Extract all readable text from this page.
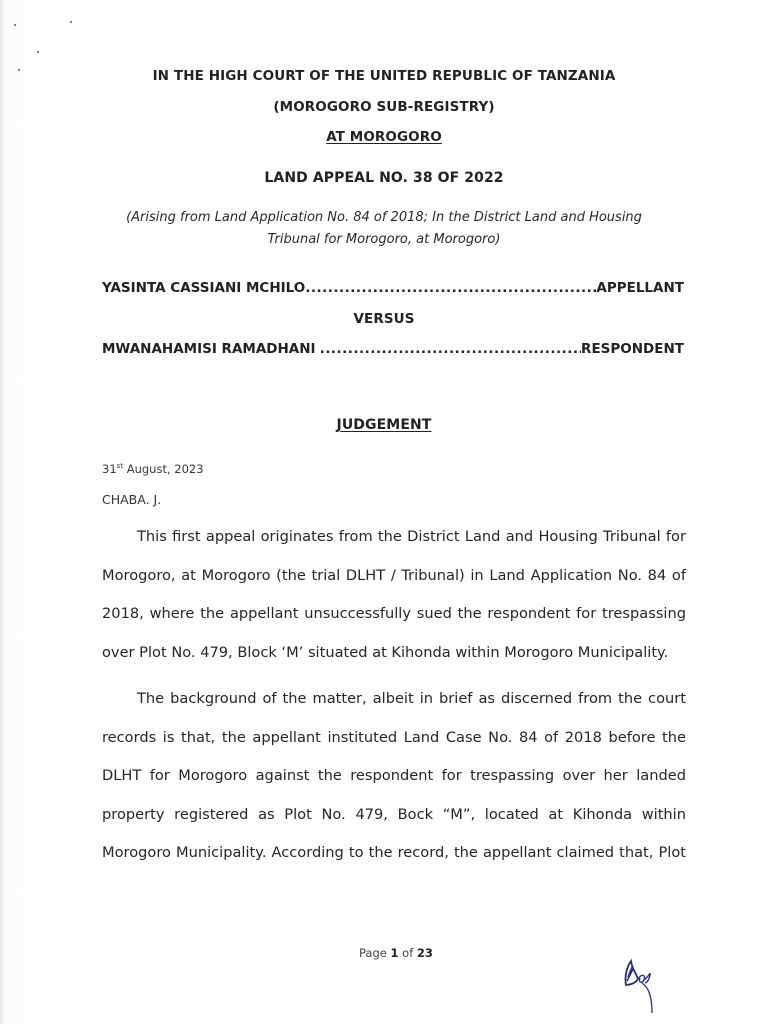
IN THE HIGH COURT OF THE UNITED REPUBLIC OF TANZANIA
(MOROGORO SUB-REGISTRY)
AT MOROGORO
LAND APPEAL NO. 38 OF 2022
(Arising from Land Application No. 84 of 2018; In the District Land and Housing
Tribunal for Morogoro, at Morogoro)
YASINTA CASSIANI MCHILO .....	APPELLANT
VERSUS
MWANAHAMISI RAMADHANI .....	RESPONDENT
JUDGEMENT
31st August, 2023
CHABA. J.
This first appeal originates from the District Land and Housing Tribunal for Morogoro, at Morogoro (the trial DLHT / Tribunal) in Land Application No. 84 of 2018, where the appellant unsuccessfully sued the respondent for trespassing over Plot No. 479, Block ‘M’ situated at Kihonda within Morogoro Municipality.
The background of the matter, albeit in brief as discerned from the court records is that, the appellant instituted Land Case No. 84 of 2018 before the DLHT for Morogoro against the respondent for trespassing over her landed property registered as Plot No. 479, Bock “M”, located at Kihonda within Morogoro Municipality. According to the record, the appellant claimed that, Plot
Page 1 of 23
